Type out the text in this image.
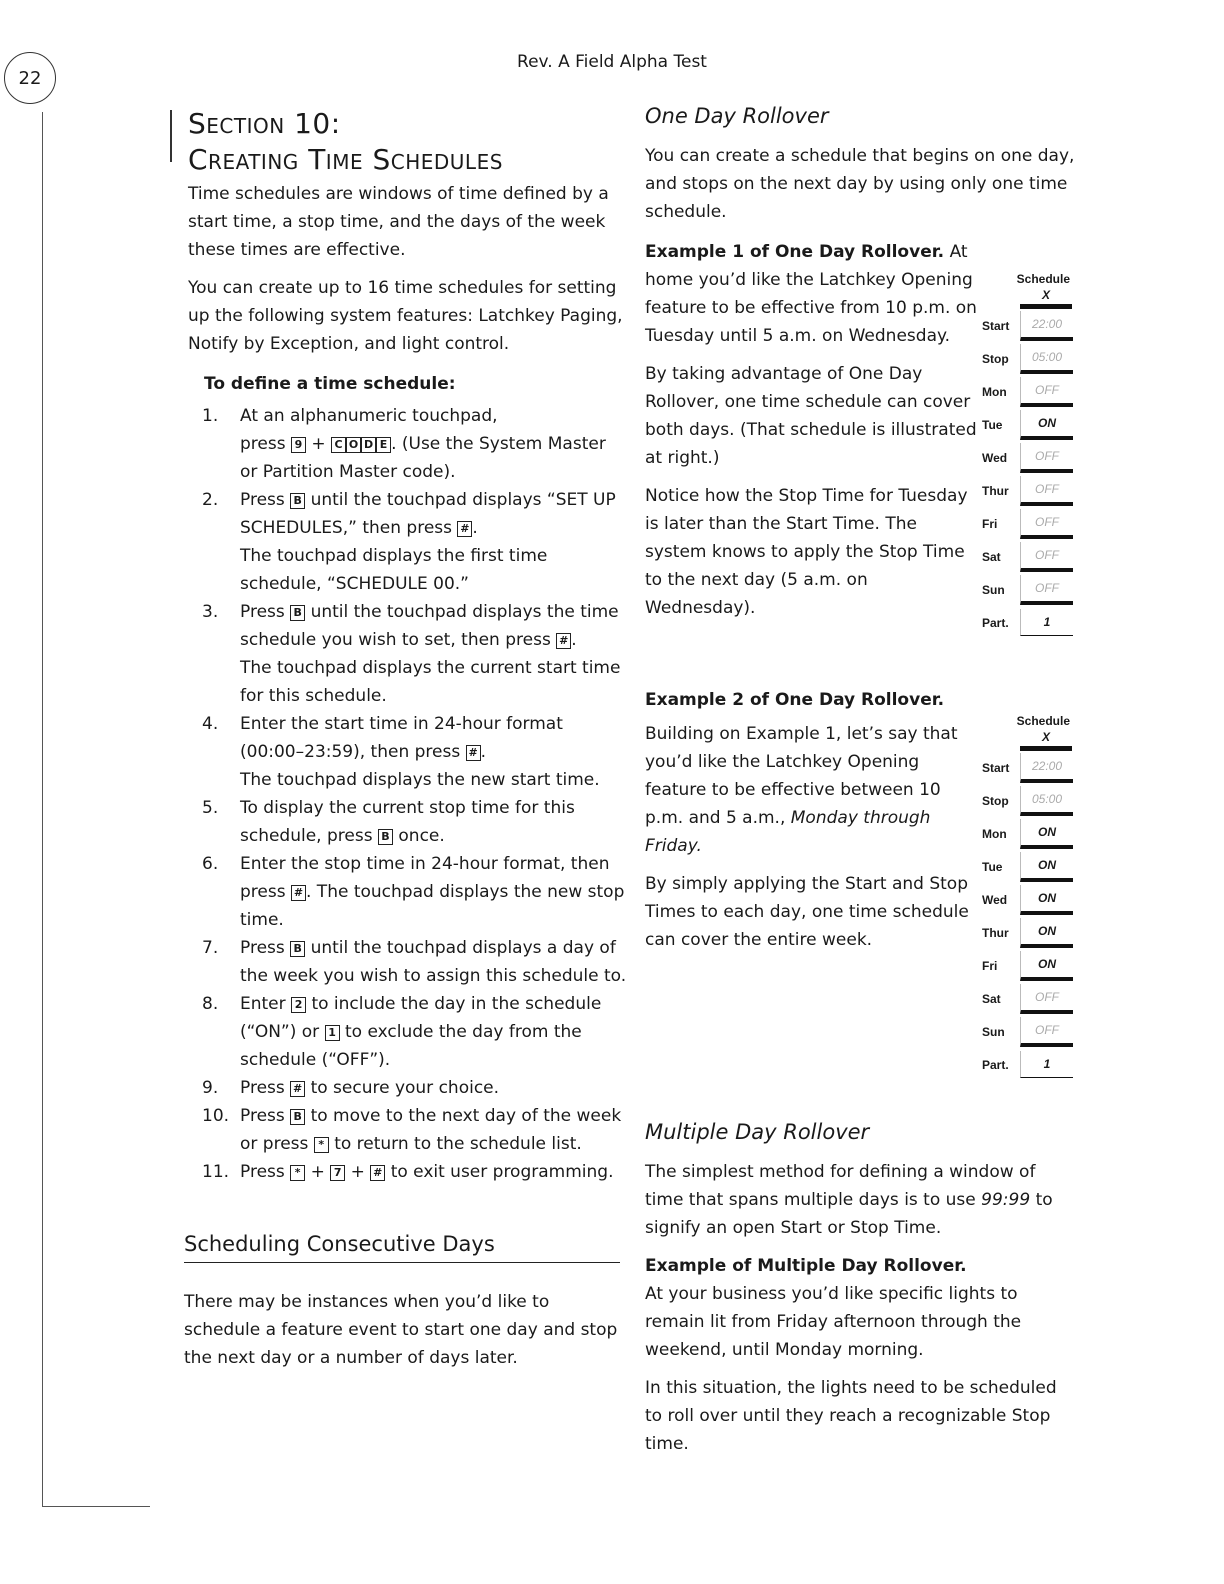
22
Rev. A Field Alpha Test
Section 10:
Creating Time Schedules

Time schedules are windows of time defined by a start time, a stop time, and the days of the week these times are effective.

You can create up to 16 time schedules for setting up the following system features: Latchkey Paging, Notify by Exception, and light control.

To define a time schedule:
1. At an alphanumeric touchpad,
press 9 + C O D E . (Use the System Master or Partition Master code).
2. Press B until the touchpad displays “SET UP SCHEDULES,” then press # .
The touchpad displays the first time schedule, “SCHEDULE 00.”
3. Press B until the touchpad displays the time schedule you wish to set, then press # .
The touchpad displays the current start time for this schedule.
4. Enter the start time in 24-hour format (00:00–23:59), then press # .
The touchpad displays the new start time.
5. To display the current stop time for this schedule, press B once.
6. Enter the stop time in 24-hour format, then press # . The touchpad displays the new stop time.
7. Press B until the touchpad displays a day of the week you wish to assign this schedule to.
8. Enter 2 to include the day in the schedule (“ON”) or 1 to exclude the day from the schedule (“OFF”).
9. Press # to secure your choice.
10. Press B to move to the next day of the week or press * to return to the schedule list.
11. Press * + 7 + # to exit user programming.
Scheduling Consecutive Days

There may be instances when you’d like to schedule a feature event to start one day and stop the next day or a number of days later.

One Day Rollover

You can create a schedule that begins on one day, and stops on the next day by using only one time schedule.

Example 1 of One Day Rollover. At home you’d like the Latchkey Opening feature to be effective from 10 p.m. on Tuesday until 5 a.m. on Wednesday.

By taking advantage of One Day Rollover, one time schedule can cover both days. (That schedule is illustrated at right.)

Notice how the Stop Time for Tuesday is later than the Start Time. The system knows to apply the Stop Time to the next day (5 a.m. on Wednesday).

Example 2 of One Day Rollover.

Building on Example 1, let’s say that you’d like the Latchkey Opening feature to be effective between 10 p.m. and 5 a.m., Monday through Friday.

By simply applying the Start and Stop Times to each day, one time schedule can cover the entire week.

Multiple Day Rollover

The simplest method for defining a window of time that spans multiple days is to use 99:99 to signify an open Start or Stop Time.

Example of Multiple Day Rollover.

At your business you’d like specific lights to remain lit from Friday afternoon through the weekend, until Monday morning.

In this situation, the lights need to be scheduled to roll over until they reach a recognizable Stop time.

Schedule
X
Start	22:00
Stop	05:00
Mon	OFF
Tue	ON
Wed	OFF
Thur	OFF
Fri	OFF
Sat	OFF
Sun	OFF
Part.	1
Schedule
X
Start	22:00
Stop	05:00
Mon	ON
Tue	ON
Wed	ON
Thur	ON
Fri	ON
Sat	OFF
Sun	OFF
Part.	1
